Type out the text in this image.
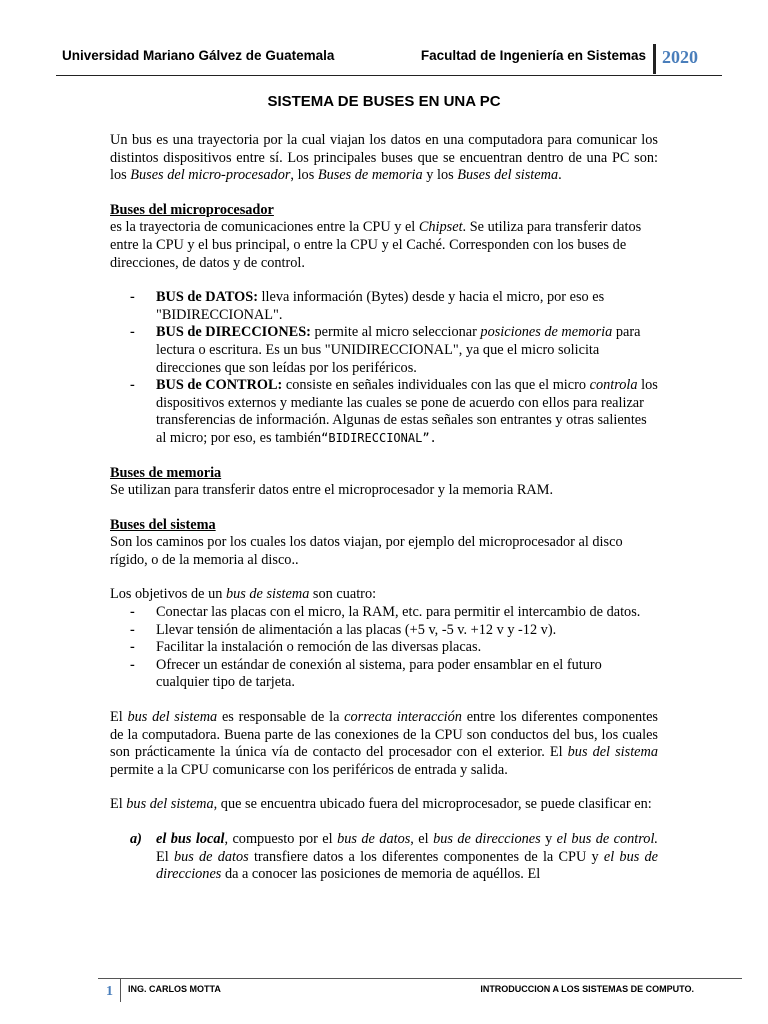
Universidad Mariano Gálvez de Guatemala	Facultad de Ingeniería en Sistemas 2020
SISTEMA DE BUSES EN UNA PC

Un bus es una trayectoria por la cual viajan los datos en una computadora para comunicar los distintos dispositivos entre sí. Los principales buses que se encuentran dentro de una PC son: los Buses del micro-procesador, los Buses de memoria y los Buses del sistema.

Buses del microprocesador

es la trayectoria de comunicaciones entre la CPU y el Chipset. Se utiliza para transferir datos entre la CPU y el bus principal, o entre la CPU y el Caché. Corresponden con los buses de direcciones, de datos y de control.

- BUS de DATOS: lleva información (Bytes) desde y hacia el micro, por eso es "BIDIRECCIONAL".
- BUS de DIRECCIONES: permite al micro seleccionar posiciones de memoria para lectura o escritura. Es un bus "UNIDIRECCIONAL", ya que el micro solicita direcciones que son leídas por los periféricos.
- BUS de CONTROL: consiste en señales individuales con las que el micro controla los dispositivos externos y mediante las cuales se pone de acuerdo con ellos para realizar transferencias de información. Algunas de estas señales son entrantes y otras salientes al micro; por eso, es también“BIDIRECCIONAL”.

Buses de memoria

Se utilizan para transferir datos entre el microprocesador y la memoria RAM.

Buses del sistema

Son los caminos por los cuales los datos viajan, por ejemplo del microprocesador al disco rígido, o de la memoria al disco..

Los objetivos de un bus de sistema son cuatro:

- Conectar las placas con el micro, la RAM, etc. para permitir el intercambio de datos.
- Llevar tensión de alimentación a las placas (+5 v, -5 v. +12 v y -12 v).
- Facilitar la instalación o remoción de las diversas placas.
- Ofrecer un estándar de conexión al sistema, para poder ensamblar en el futuro cualquier tipo de tarjeta.

El bus del sistema es responsable de la correcta interacción entre los diferentes componentes de la computadora. Buena parte de las conexiones de la CPU son conductos del bus, los cuales son prácticamente la única vía de contacto del procesador con el exterior. El bus del sistema permite a la CPU comunicarse con los periféricos de entrada y salida.

El bus del sistema, que se encuentra ubicado fuera del microprocesador, se puede clasificar en:

a) el bus local, compuesto por el bus de datos, el bus de direcciones y el bus de control. El bus de datos transfiere datos a los diferentes componentes de la CPU y el bus de direcciones da a conocer las posiciones de memoria de aquéllos. El

1 ING. CARLOS MOTTA	INTRODUCCION A LOS SISTEMAS DE COMPUTO.
